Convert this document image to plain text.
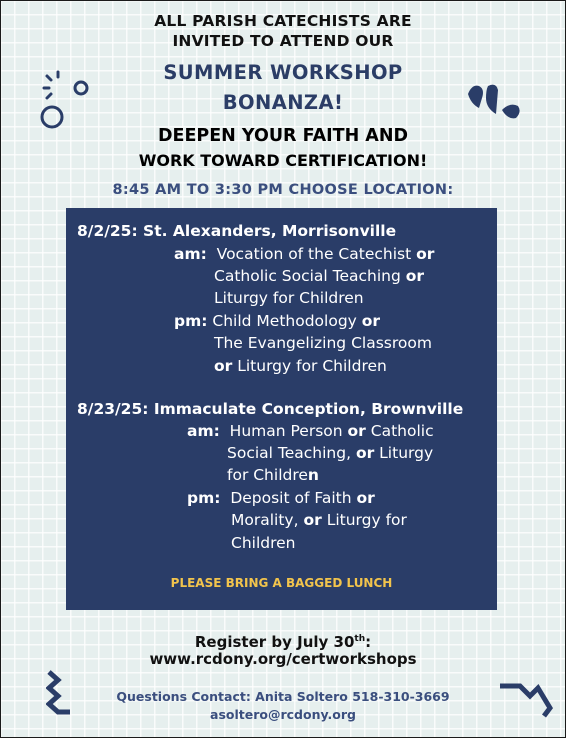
ALL PARISH CATECHISTS ARE
INVITED TO ATTEND OUR
SUMMER WORKSHOP
BONANZA!
DEEPEN YOUR FAITH AND
WORK TOWARD CERTIFICATION!
8:45 AM TO 3:30 PM CHOOSE LOCATION:
8/2/25: St. Alexanders, Morrisonville
am: Vocation of the Catechist or
Catholic Social Teaching or
Liturgy for Children
pm: Child Methodology or
The Evangelizing Classroom
or Liturgy for Children
8/23/25: Immaculate Conception, Brownville
am: Human Person or Catholic
Social Teaching, or Liturgy
for Children
pm: Deposit of Faith or
Morality, or Liturgy for
Children
PLEASE BRING A BAGGED LUNCH
Register by July 30th:
www.rcdony.org/certworkshops
Questions Contact: Anita Soltero 518-310-3669
asoltero@rcdony.org
